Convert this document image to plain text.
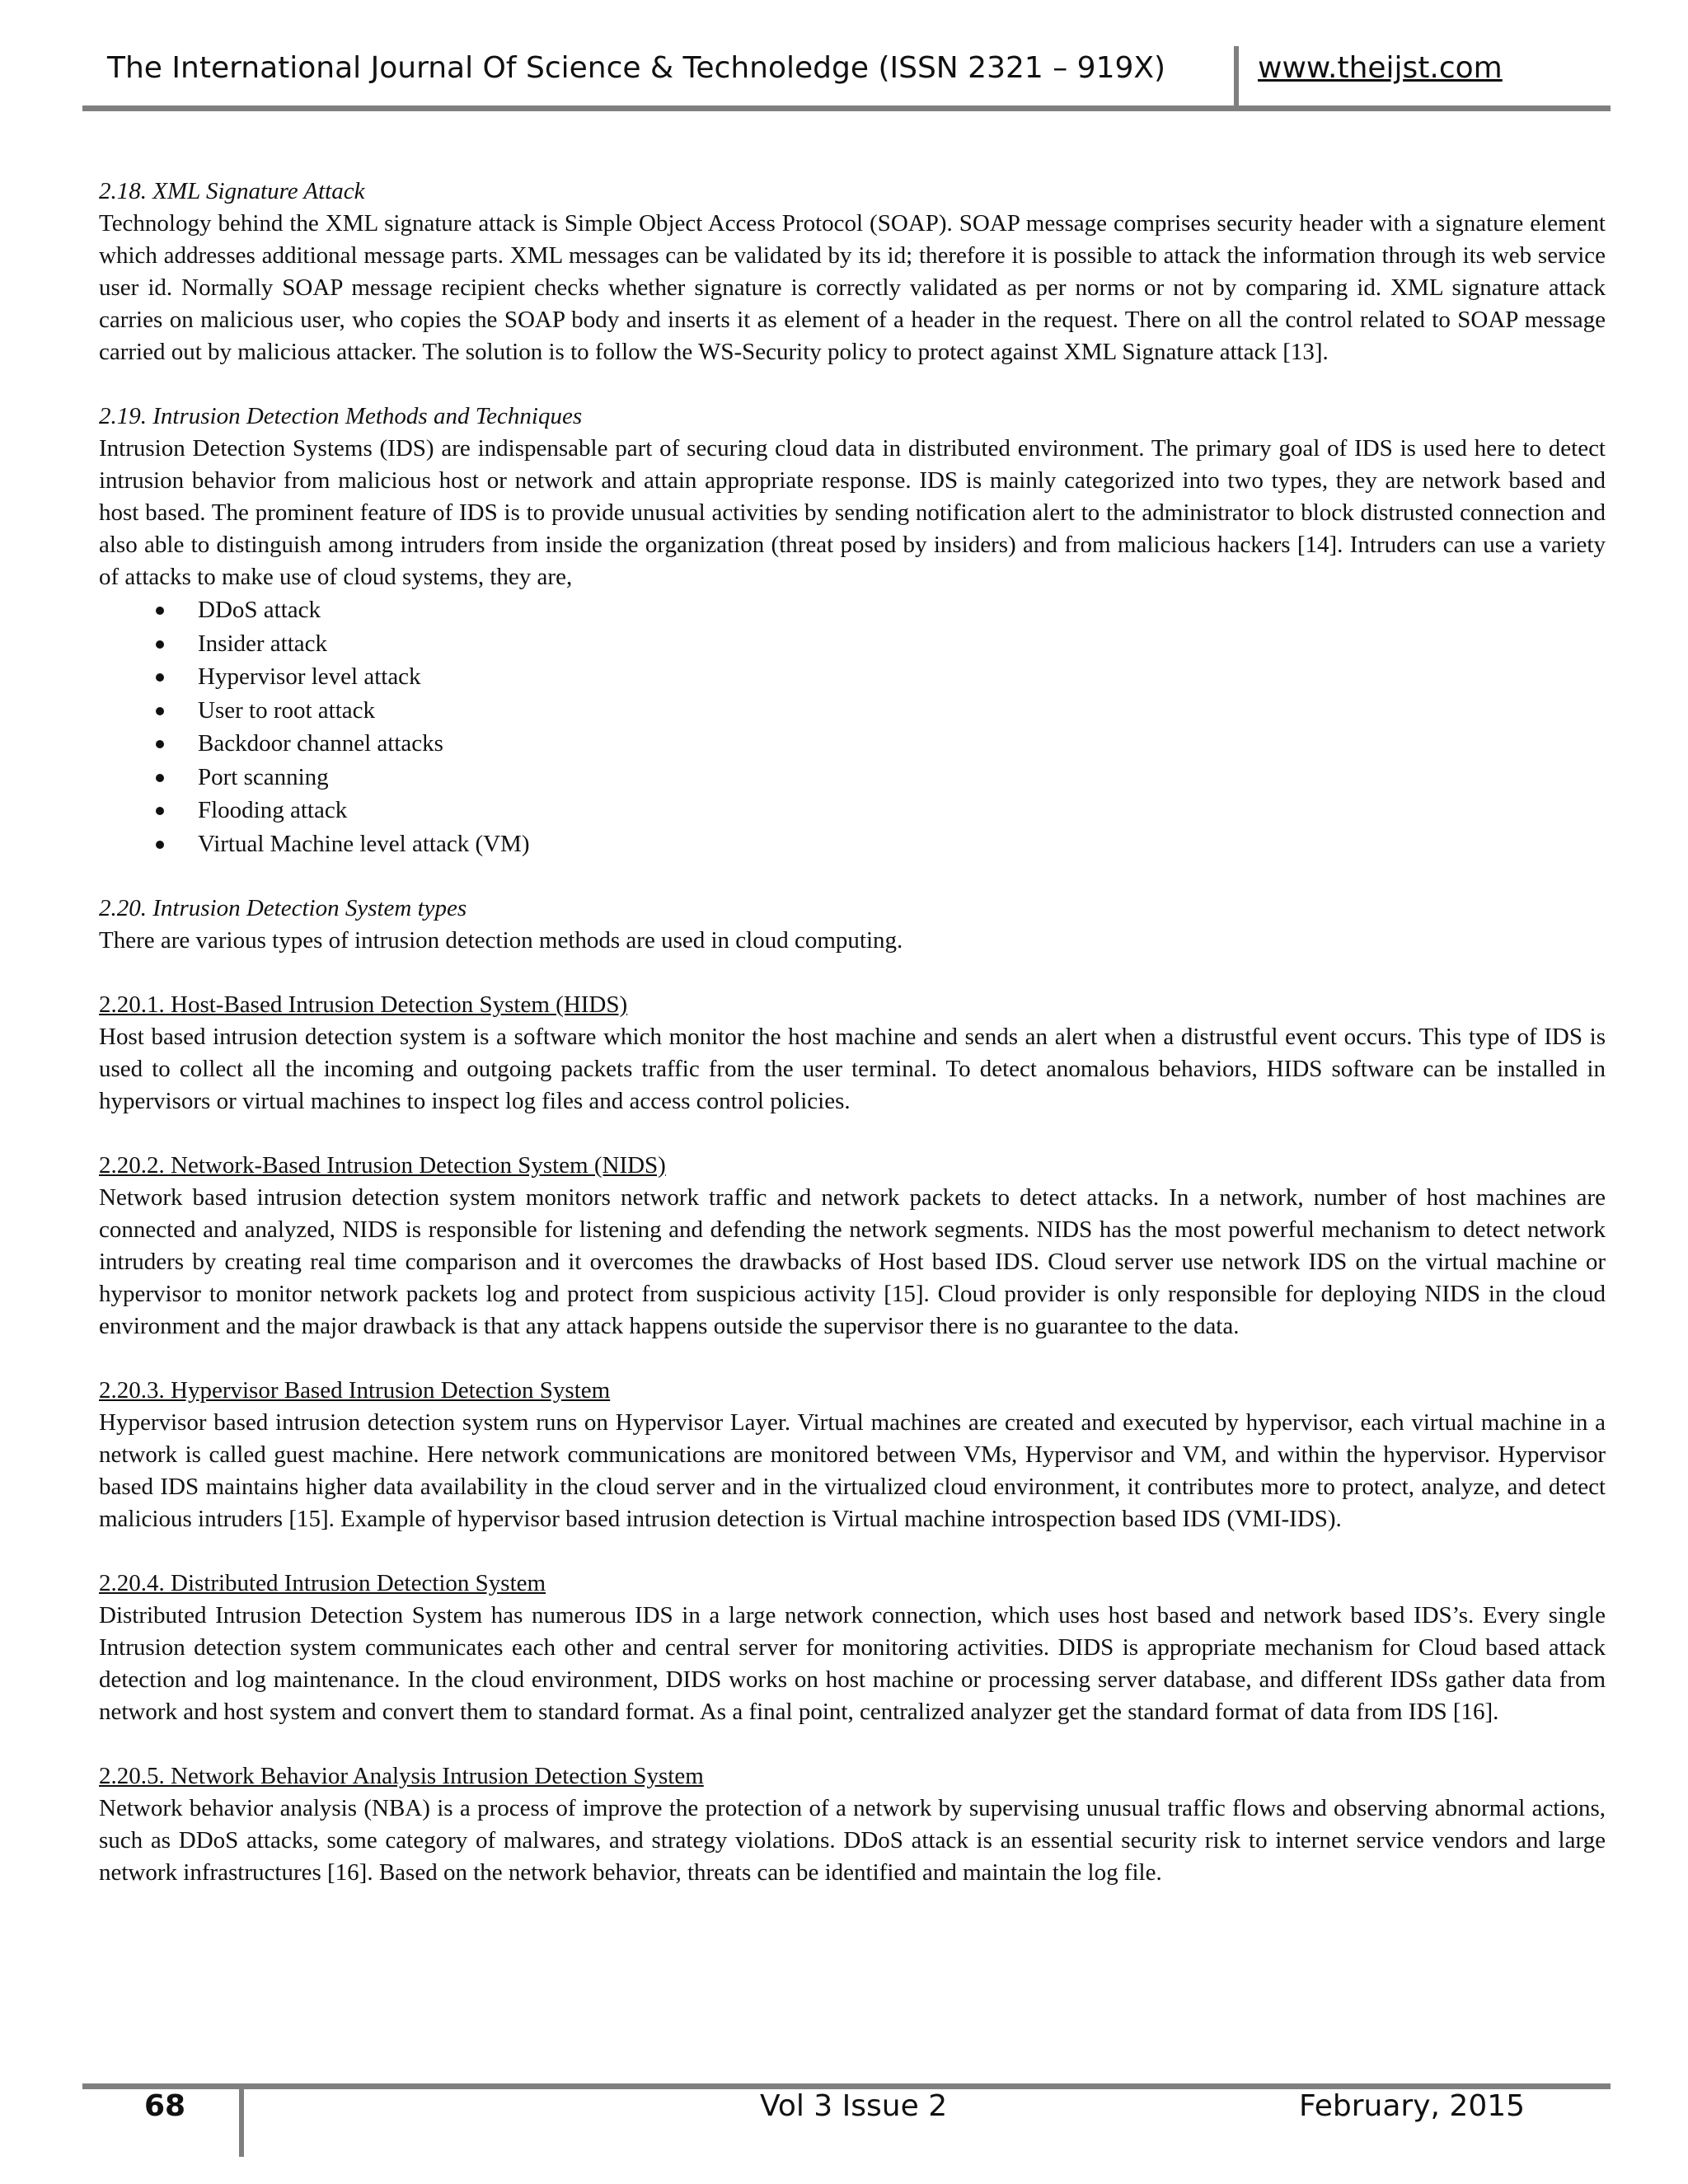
The International Journal Of Science & Technoledge (ISSN 2321 – 919X)	www.theijst.com

2.18. XML Signature Attack

Technology behind the XML signature attack is Simple Object Access Protocol (SOAP). SOAP message comprises security header with a signature element which addresses additional message parts. XML messages can be validated by its id; therefore it is possible to attack the information through its web service user id. Normally SOAP message recipient checks whether signature is correctly validated as per norms or not by comparing id. XML signature attack carries on malicious user, who copies the SOAP body and inserts it as element of a header in the request. There on all the control related to SOAP message carried out by malicious attacker. The solution is to follow the WS-Security policy to protect against XML Signature attack [13].

2.19. Intrusion Detection Methods and Techniques

Intrusion Detection Systems (IDS) are indispensable part of securing cloud data in distributed environment. The primary goal of IDS is used here to detect intrusion behavior from malicious host or network and attain appropriate response. IDS is mainly categorized into two types, they are network based and host based. The prominent feature of IDS is to provide unusual activities by sending notification alert to the administrator to block distrusted connection and also able to distinguish among intruders from inside the organization (threat posed by insiders) and from malicious hackers [14]. Intruders can use a variety of attacks to make use of cloud systems, they are,

DDoS attack
Insider attack
Hypervisor level attack
User to root attack
Backdoor channel attacks
Port scanning
Flooding attack
Virtual Machine level attack (VM)

2.20. Intrusion Detection System types

There are various types of intrusion detection methods are used in cloud computing.

2.20.1. Host-Based Intrusion Detection System (HIDS)

Host based intrusion detection system is a software which monitor the host machine and sends an alert when a distrustful event occurs. This type of IDS is used to collect all the incoming and outgoing packets traffic from the user terminal. To detect anomalous behaviors, HIDS software can be installed in hypervisors or virtual machines to inspect log files and access control policies.

2.20.2. Network-Based Intrusion Detection System (NIDS)

Network based intrusion detection system monitors network traffic and network packets to detect attacks. In a network, number of host machines are connected and analyzed, NIDS is responsible for listening and defending the network segments. NIDS has the most powerful mechanism to detect network intruders by creating real time comparison and it overcomes the drawbacks of Host based IDS. Cloud server use network IDS on the virtual machine or hypervisor to monitor network packets log and protect from suspicious activity [15]. Cloud provider is only responsible for deploying NIDS in the cloud environment and the major drawback is that any attack happens outside the supervisor there is no guarantee to the data.

2.20.3. Hypervisor Based Intrusion Detection System

Hypervisor based intrusion detection system runs on Hypervisor Layer. Virtual machines are created and executed by hypervisor, each virtual machine in a network is called guest machine. Here network communications are monitored between VMs, Hypervisor and VM, and within the hypervisor. Hypervisor based IDS maintains higher data availability in the cloud server and in the virtualized cloud environment, it contributes more to protect, analyze, and detect malicious intruders [15]. Example of hypervisor based intrusion detection is Virtual machine introspection based IDS (VMI-IDS).

2.20.4. Distributed Intrusion Detection System

Distributed Intrusion Detection System has numerous IDS in a large network connection, which uses host based and network based IDS’s. Every single Intrusion detection system communicates each other and central server for monitoring activities. DIDS is appropriate mechanism for Cloud based attack detection and log maintenance. In the cloud environment, DIDS works on host machine or processing server database, and different IDSs gather data from network and host system and convert them to standard format. As a final point, centralized analyzer get the standard format of data from IDS [16].

2.20.5. Network Behavior Analysis Intrusion Detection System

Network behavior analysis (NBA) is a process of improve the protection of a network by supervising unusual traffic flows and observing abnormal actions, such as DDoS attacks, some category of malwares, and strategy violations. DDoS attack is an essential security risk to internet service vendors and large network infrastructures [16]. Based on the network behavior, threats can be identified and maintain the log file.

68	Vol 3 Issue 2	February, 2015
